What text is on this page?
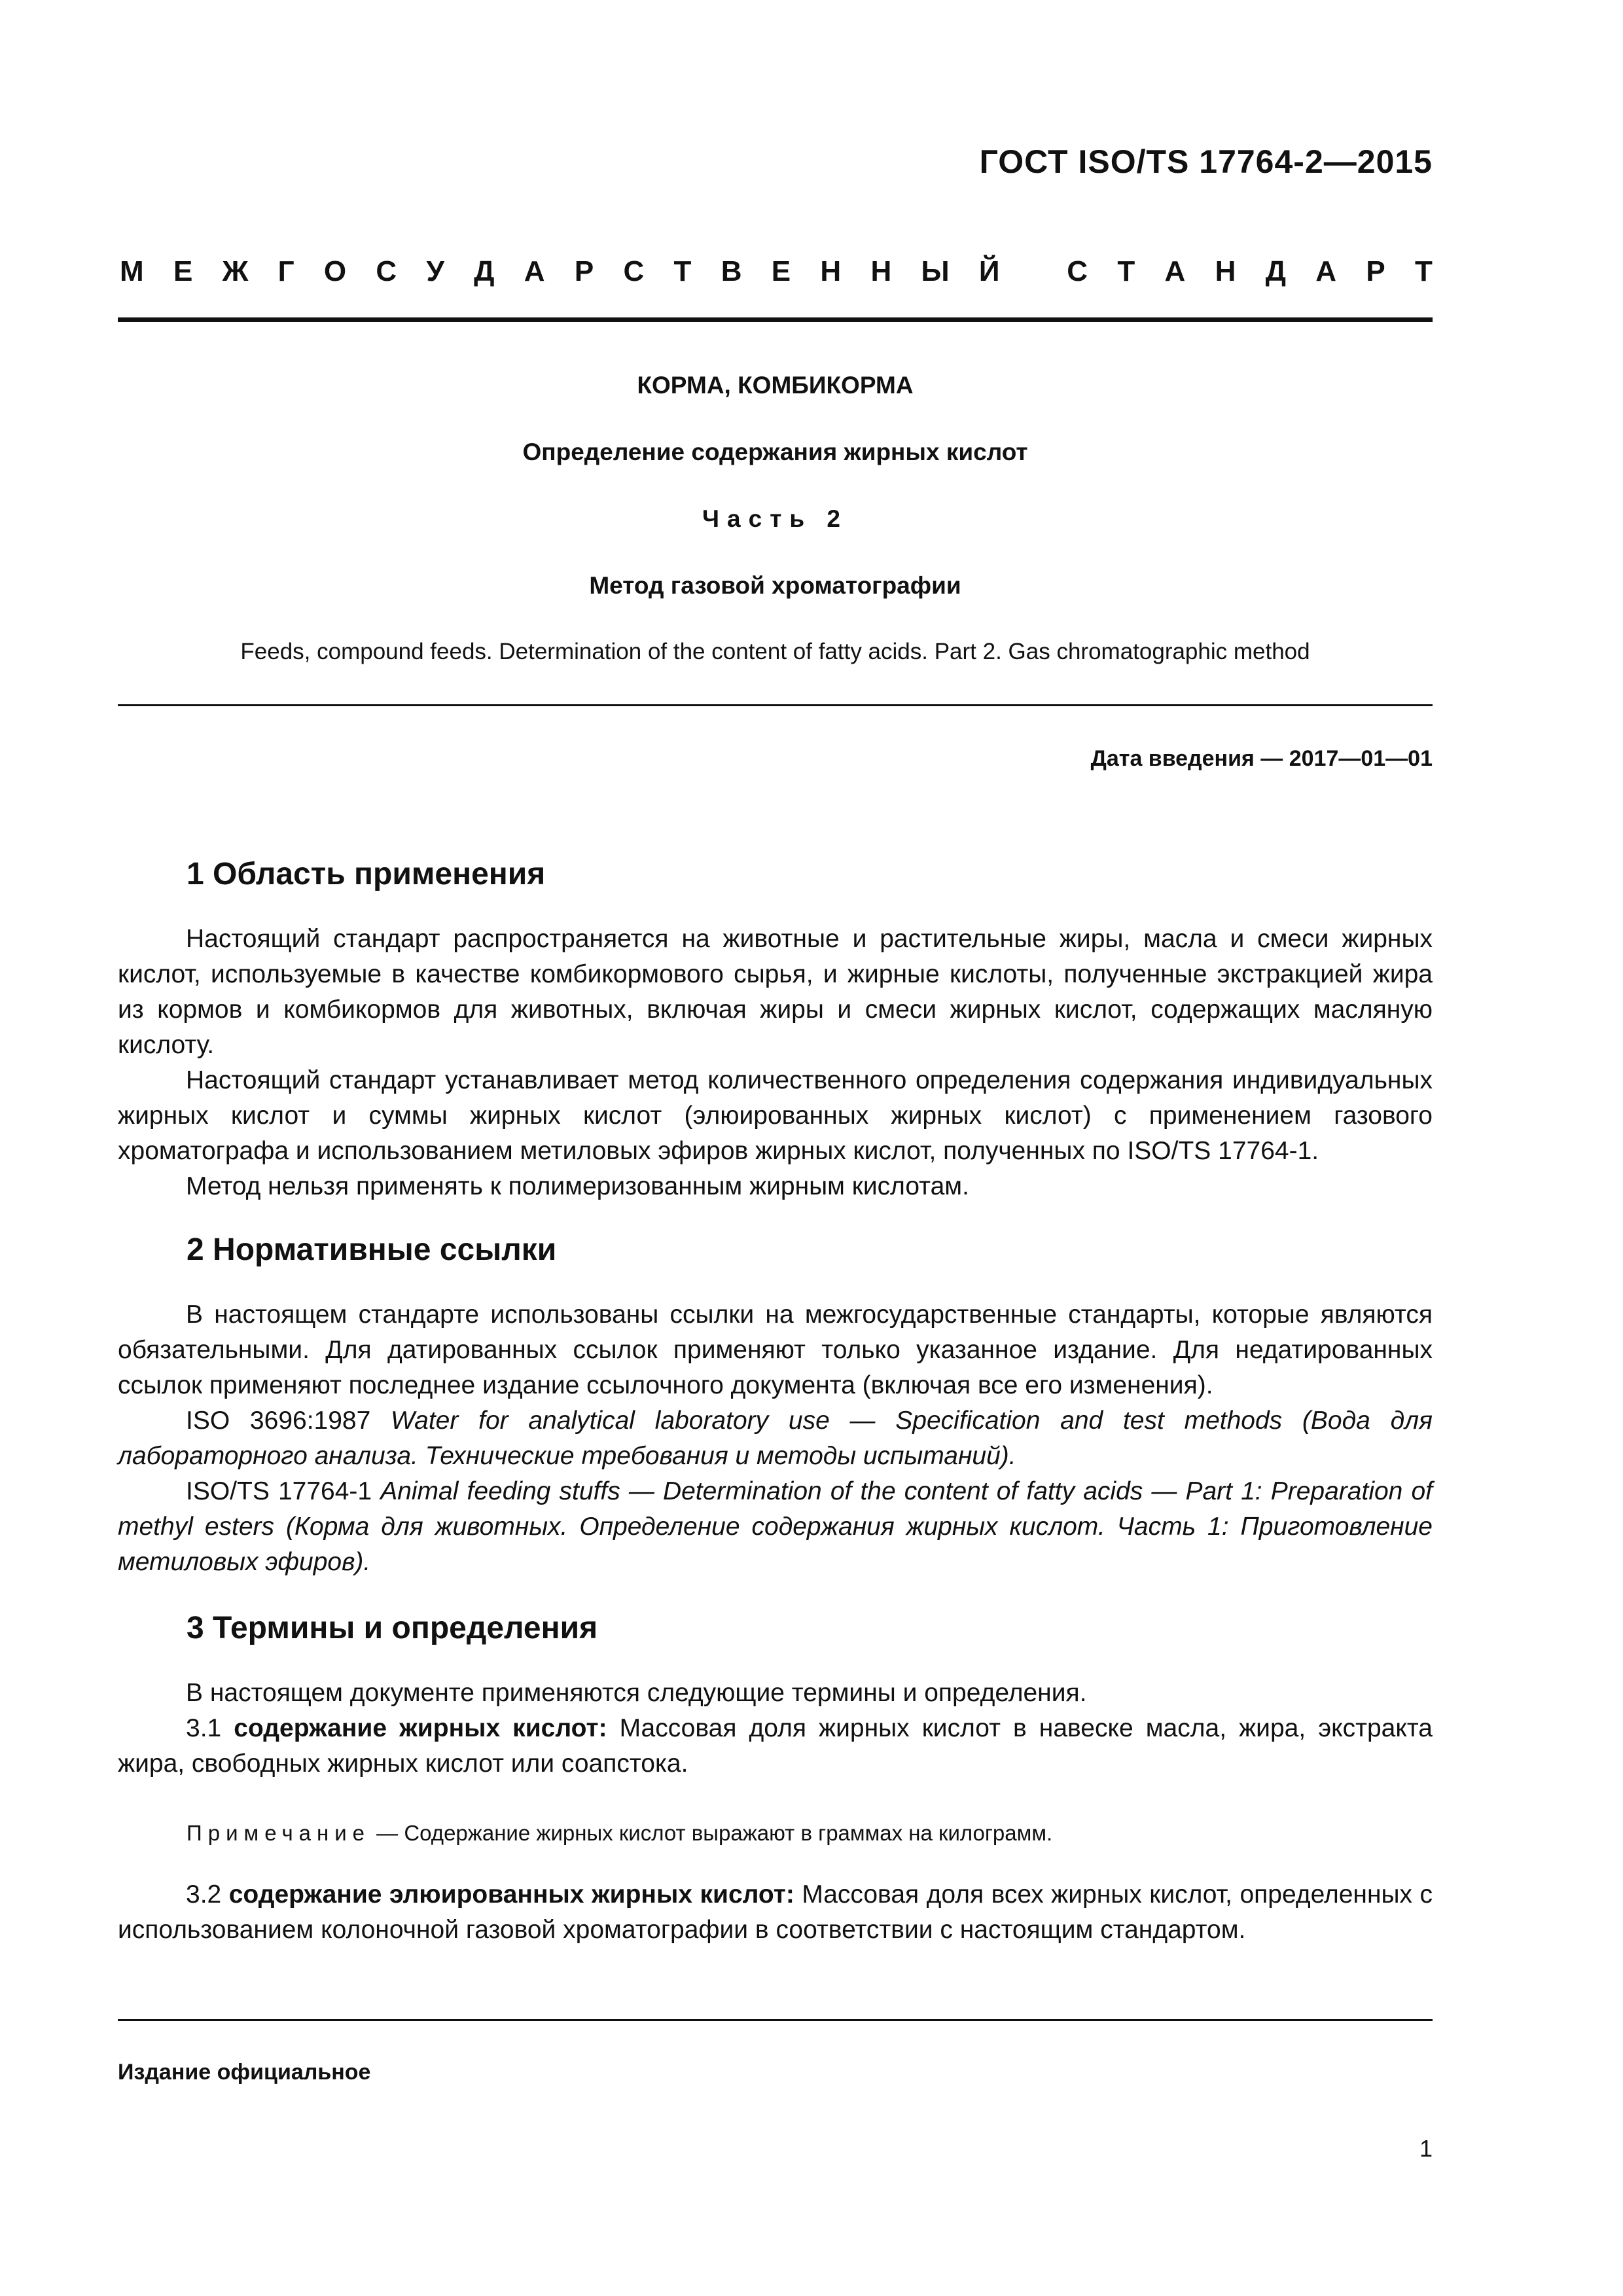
ГОСТ ISO/TS 17764-2—2015
М Е Ж Г О С У Д А Р С Т В Е Н Н Ы Й
С Т А Н Д А Р Т
КОРМА, КОМБИКОРМА
Определение содержания жирных кислот
Часть 2
Метод газовой хроматографии
Feeds, compound feeds. Determination of the content of fatty acids. Part 2. Gas chromatographic method
Дата введения — 2017—01—01
1 Область применения

Настоящий стандарт распространяется на животные и растительные жиры, масла и смеси жирных кислот, используемые в качестве комбикормового сырья, и жирные кислоты, полученные экстракцией жира из кормов и комбикормов для животных, включая жиры и смеси жирных кислот, содержащих масляную кислоту.

Настоящий стандарт устанавливает метод количественного определения содержания индивидуальных жирных кислот и суммы жирных кислот (элюированных жирных кислот) с применением газового хроматографа и использованием метиловых эфиров жирных кислот, полученных по ISO/TS 17764-1.

Метод нельзя применять к полимеризованным жирным кислотам.

2 Нормативные ссылки

В настоящем стандарте использованы ссылки на межгосударственные стандарты, которые являются обязательными. Для датированных ссылок применяют только указанное издание. Для недатированных ссылок применяют последнее издание ссылочного документа (включая все его изменения).

ISO 3696:1987 Water for analytical laboratory use — Specification and test methods (Вода для лабораторного анализа. Технические требования и методы испытаний).

ISO/TS 17764-1 Animal feeding stuffs — Determination of the content of fatty acids — Part 1: Preparation of methyl esters (Корма для животных. Определение содержания жирных кислот. Часть 1: Приготовление метиловых эфиров).

3 Термины и определения

В настоящем документе применяются следующие термины и определения.

3.1 содержание жирных кислот: Массовая доля жирных кислот в навеске масла, жира, экстракта жира, свободных жирных кислот или соапстока.

Примечание — Содержание жирных кислот выражают в граммах на килограмм.

3.2 содержание элюированных жирных кислот: Массовая доля всех жирных кислот, определенных с использованием колоночной газовой хроматографии в соответствии с настоящим стандартом.

Издание официальное
1
